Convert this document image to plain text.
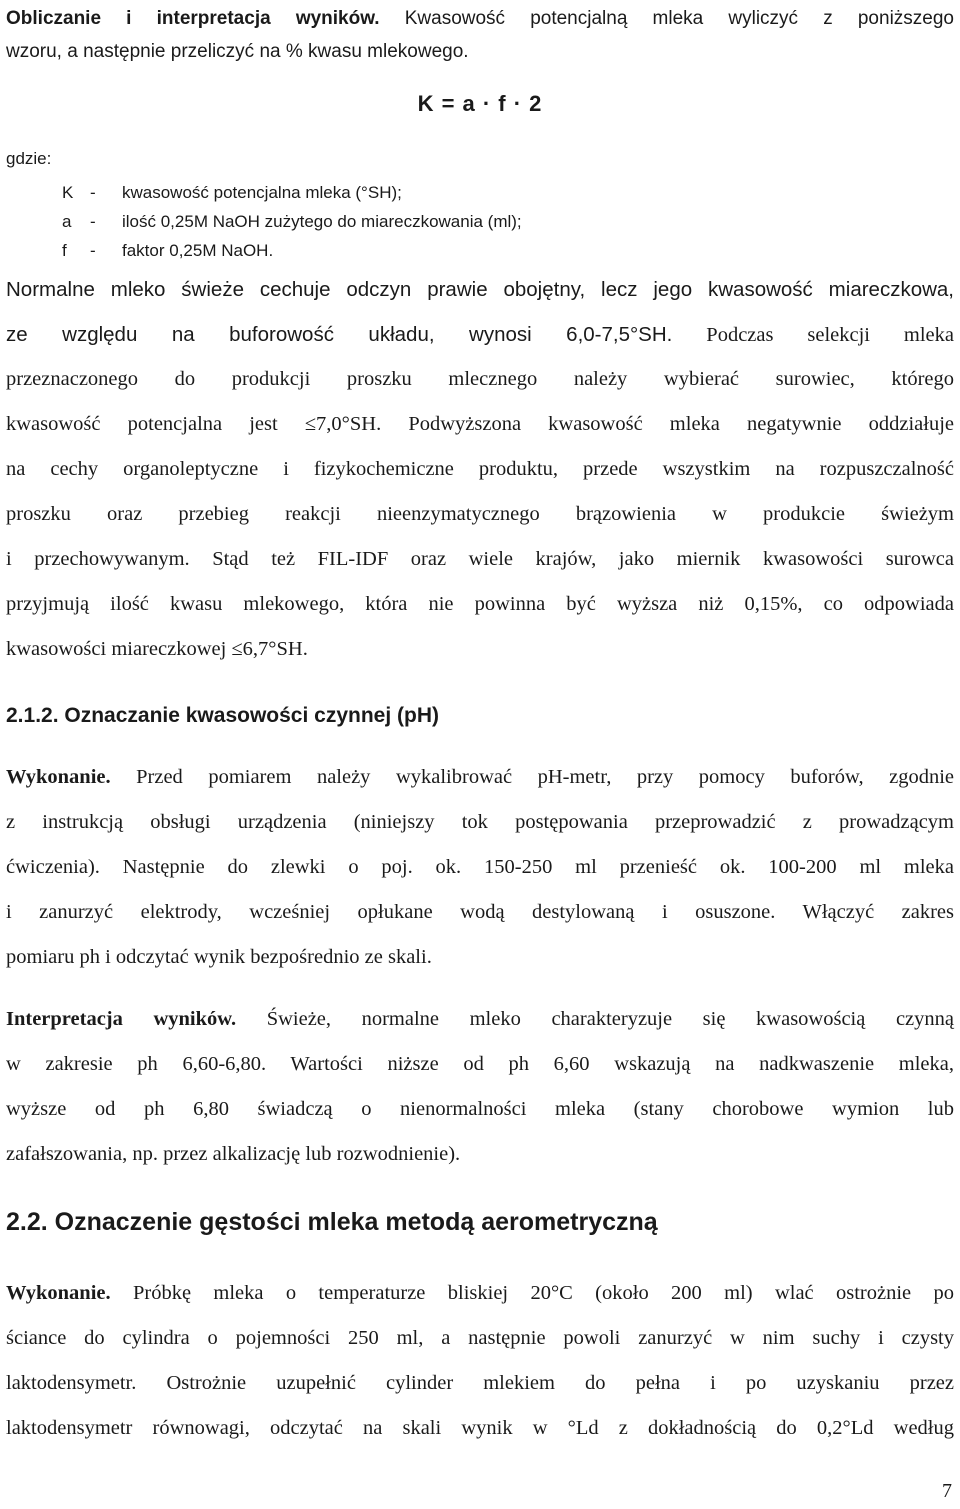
Obliczanie i interpretacja wyników. Kwasowość potencjalną mleka wyliczyć z poniższego
wzoru, a następnie przeliczyć na % kwasu mlekowego.
K = a · f · 2
gdzie:
K -	kwasowość potencjalna mleka (°SH);
a	-	ilość 0,25M NaOH zużytego do miareczkowania (ml);
f	-	faktor 0,25M NaOH.
Normalne mleko świeże cechuje odczyn prawie obojętny, lecz jego kwasowość miareczkowa,
ze względu na buforowość układu, wynosi 6,0-7,5°SH. Podczas selekcji mleka
przeznaczonego do produkcji proszku mlecznego należy wybierać surowiec, którego
kwasowość potencjalna jest ≤7,0°SH. Podwyższona kwasowość mleka negatywnie oddziałuje
na cechy organoleptyczne i fizykochemiczne produktu, przede wszystkim na rozpuszczalność
proszku oraz przebieg reakcji nieenzymatycznego brązowienia w produkcie świeżym
i przechowywanym. Stąd też FIL-IDF oraz wiele krajów, jako miernik kwasowości surowca
przyjmują ilość kwasu mlekowego, która nie powinna być wyższa niż 0,15%, co odpowiada
kwasowości miareczkowej ≤6,7°SH.
2.1.2. Oznaczanie kwasowości czynnej (pH)
Wykonanie. Przed pomiarem należy wykalibrować pH-metr, przy pomocy buforów, zgodnie
z instrukcją obsługi urządzenia (niniejszy tok postępowania przeprowadzić z prowadzącym
ćwiczenia). Następnie do zlewki o poj. ok. 150-250 ml przenieść ok. 100-200 ml mleka
i zanurzyć elektrody, wcześniej opłukane wodą destylowaną i osuszone. Włączyć zakres
pomiaru ph i odczytać wynik bezpośrednio ze skali.
Interpretacja wyników. Świeże, normalne mleko charakteryzuje się kwasowością czynną
w zakresie ph 6,60-6,80. Wartości niższe od ph 6,60 wskazują na nadkwaszenie mleka,
wyższe od ph 6,80 świadczą o nienormalności mleka (stany chorobowe wymion lub
zafałszowania, np. przez alkalizację lub rozwodnienie).
2.2. Oznaczenie gęstości mleka metodą aerometryczną
Wykonanie. Próbkę mleka o temperaturze bliskiej 20°C (około 200 ml) wlać ostrożnie po
ściance do cylindra o pojemności 250 ml, a następnie powoli zanurzyć w nim suchy i czysty
laktodensymetr. Ostrożnie uzupełnić cylinder mlekiem do pełna i po uzyskaniu przez
laktodensymetr równowagi, odczytać na skali wynik w °Ld z dokładnością do 0,2°Ld według
7
